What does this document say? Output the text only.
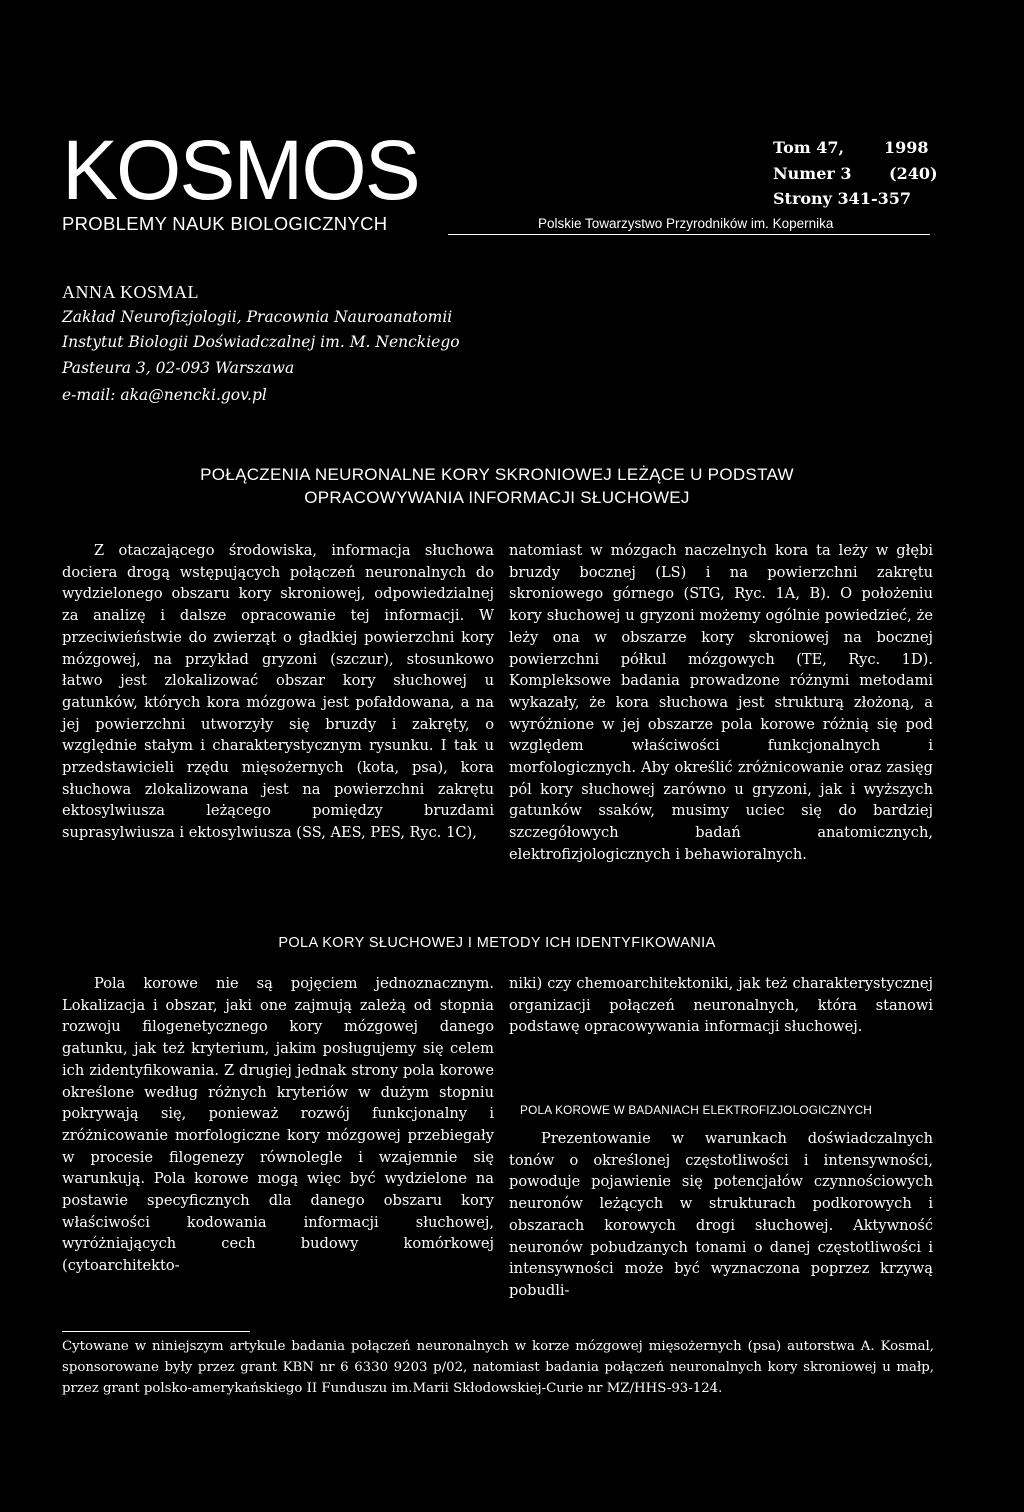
KOSMOS
PROBLEMY NAUK BIOLOGICZNYCH	Polskie Towarzystwo Przyrodników im. Kopernika
Tom 47, 1998
Numer 3 (240)
Strony 341-357
ANNA KOSMAL
Zakład Neurofizjologii, Pracownia Nauroanatomii
Instytut Biologii Doświadczalnej im. M. Nenckiego
Pasteura 3, 02-093 Warszawa
e-mail: aka@nencki.gov.pl
POŁĄCZENIA NEURONALNE KORY SKRONIOWEJ LEŻĄCE U PODSTAW
OPRACOWYWANIA INFORMACJI SŁUCHOWEJ

Z otaczającego środowiska, informacja słuchowa dociera drogą wstępujących połączeń neuronalnych do wydzielonego obszaru kory skroniowej, odpowiedzialnej za analizę i dalsze opracowanie tej informacji. W przeciwieństwie do zwierząt o gładkiej powierzchni kory mózgowej, na przykład gryzoni (szczur), stosunkowo łatwo jest zlokalizować obszar kory słuchowej u gatunków, których kora mózgowa jest pofałdowana, a na jej powierzchni utworzyły się bruzdy i zakręty, o względnie stałym i charakterystycznym rysunku. I tak u przedstawicieli rzędu mięsożernych (kota, psa), kora słuchowa zlokalizowana jest na powierzchni zakrętu ektosylwiusza leżącego pomiędzy bruzdami suprasylwiusza i ektosylwiusza (SS, AES, PES, Ryc. 1C),

natomiast w mózgach naczelnych kora ta leży w głębi bruzdy bocznej (LS) i na powierzchni zakrętu skroniowego górnego (STG, Ryc. 1A, B). O położeniu kory słuchowej u gryzoni możemy ogólnie powiedzieć, że leży ona w obszarze kory skroniowej na bocznej powierzchni półkul mózgowych (TE, Ryc. 1D). Kompleksowe badania prowadzone różnymi metodami wykazały, że kora słuchowa jest strukturą złożoną, a wyróżnione w jej obszarze pola korowe różnią się pod względem właściwości funkcjonalnych i morfologicznych. Aby określić zróżnicowanie oraz zasięg pól kory słuchowej zarówno u gryzoni, jak i wyższych gatunków ssaków, musimy uciec się do bardziej szczegółowych badań anatomicznych, elektrofizjologicznych i behawioralnych.

POLA KORY SŁUCHOWEJ I METODY ICH IDENTYFIKOWANIA

Pola korowe nie są pojęciem jednoznacznym. Lokalizacja i obszar, jaki one zajmują zależą od stopnia rozwoju filogenetycznego kory mózgowej danego gatunku, jak też kryterium, jakim posługujemy się celem ich zidentyfikowania. Z drugiej jednak strony pola korowe określone według różnych kryteriów w dużym stopniu pokrywają się, ponieważ rozwój funkcjonalny i zróżnicowanie morfologiczne kory mózgowej przebiegały w procesie filogenezy równolegle i wzajemnie się warunkują. Pola korowe mogą więc być wydzielone na postawie specyficznych dla danego obszaru kory właściwości kodowania informacji słuchowej, wyróżniających cech budowy komórkowej (cytoarchitekto-

niki) czy chemoarchitektoniki, jak też charakterystycznej organizacji połączeń neuronalnych, która stanowi podstawę opracowywania informacji słuchowej.

POLA KOROWE W BADANIACH ELEKTROFIZJOLOGICZNYCH

Prezentowanie w warunkach doświadczalnych tonów o określonej częstotliwości i intensywności, powoduje pojawienie się potencjałów czynnościowych neuronów leżących w strukturach podkorowych i obszarach korowych drogi słuchowej. Aktywność neuronów pobudzanych tonami o danej częstotliwości i intensywności może być wyznaczona poprzez krzywą pobudli-

Cytowane w niniejszym artykule badania połączeń neuronalnych w korze mózgowej mięsożernych (psa) autorstwa A. Kosmal, sponsorowane były przez grant KBN nr 6 6330 9203 p/02, natomiast badania połączeń neuronalnych kory skroniowej u małp, przez grant polsko-amerykańskiego II Funduszu im.Marii Skłodowskiej-Curie nr MZ/HHS-93-124.
